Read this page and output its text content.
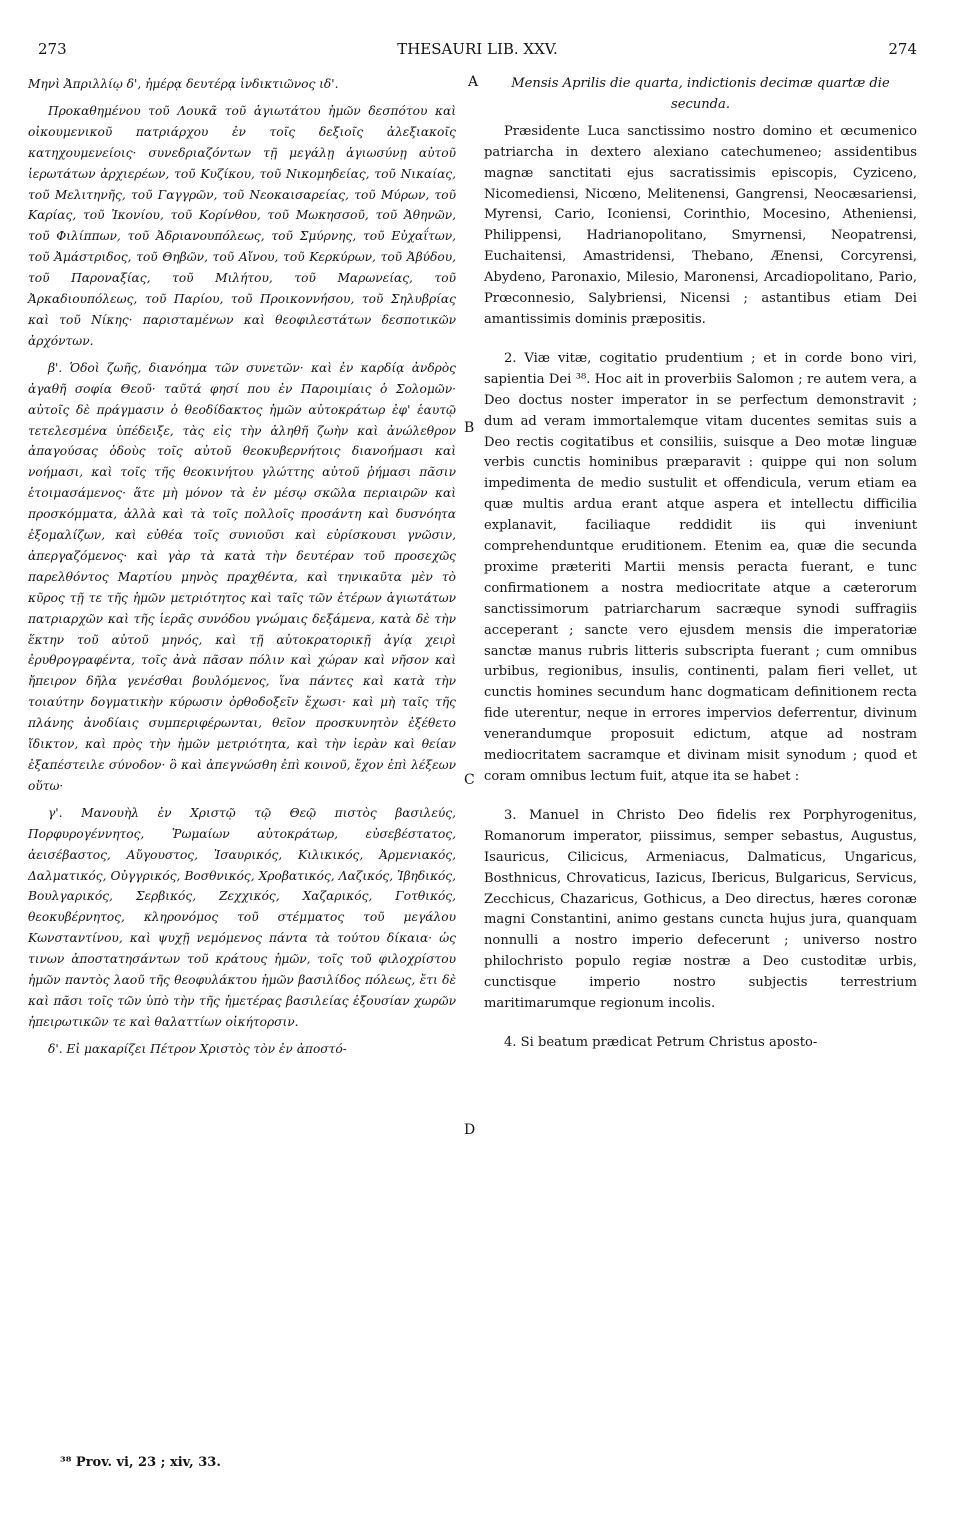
273	THESAURI LIB. XXV.	274
Μηνὶ Ἀπριλλίῳ δ', ἡμέρᾳ δευτέρᾳ ἰνδικτιῶνος ιδ'.
Προκαθημένου τοῦ Λουκᾶ τοῦ ἁγιωτάτου ἡμῶν δεσπότου καὶ οἰκουμενικοῦ πατριάρχου ἐν τοῖς δεξιοῖς ἀλεξιακοῖς κατηχουμενείοις· συνεδριαζόντων τῇ μεγάλῃ ἁγιωσύνῃ αὐτοῦ ἱερωτάτων ἀρχιερέων, τοῦ Κυζίκου, τοῦ Νικομηδείας, τοῦ Νικαίας, τοῦ Μελιτηνῆς, τοῦ Γαγγρῶν, τοῦ Νεοκαισαρείας, τοῦ Μύρων, τοῦ Καρίας, τοῦ Ἰκονίου, τοῦ Κορίνθου, τοῦ Μωκησσοῦ, τοῦ Ἀθηνῶν, τοῦ Φιλίππων, τοῦ Ἀδριανουπόλεως, τοῦ Σμύρνης, τοῦ Εὐχαΐτων, τοῦ Ἀμάστριδος, τοῦ Θηβῶν, τοῦ Αἴνου, τοῦ Κερκύρων, τοῦ Ἀβύδου, τοῦ Παροναξίας, τοῦ Μιλήτου, τοῦ Μαρωνείας, τοῦ Ἀρκαδιουπόλεως, τοῦ Παρίου, τοῦ Προικοννήσου, τοῦ Σηλυβρίας καὶ τοῦ Νίκης· παρισταμένων καὶ θεοφιλεστάτων δεσποτικῶν ἀρχόντων.
β'. Ὁδοὶ ζωῆς, διανόημα τῶν συνετῶν· καὶ ἐν καρδίᾳ ἀνδρὸς ἀγαθῆ σοφία Θεοῦ· ταῦτά φησί που ἐν Παροιμίαις ὁ Σολομῶν· αὐτοῖς δὲ πράγμασιν ὁ θεοδίδακτος ἡμῶν αὐτοκράτωρ ἐφ' ἑαυτῷ τετελεσμένα ὑπέδειξε, τὰς εἰς τὴν ἀληθῆ ζωὴν καὶ ἀνώλεθρον ἀπαγούσας ὁδοὺς τοῖς αὐτοῦ θεοκυβερνήτοις διανοήμασι καὶ νοήμασι, καὶ τοῖς τῆς θεοκινήτου γλώττης αὐτοῦ ῥήμασι πᾶσιν ἑτοιμασάμενος· ἅτε μὴ μόνον τὰ ἐν μέσῳ σκῶλα περιαιρῶν καὶ προσκόμματα, ἀλλὰ καὶ τὰ τοῖς πολλοῖς προσάντη καὶ δυσνόητα ἐξομαλίζων, καὶ εὐθέα τοῖς συνιοῦσι καὶ εὑρίσκουσι γνῶσιν, ἀπεργαζόμενος· καὶ γὰρ τὰ κατὰ τὴν δευτέραν τοῦ προσεχῶς παρελθόντος Μαρτίου μηνὸς πραχθέντα, καὶ τηνικαῦτα μὲν τὸ κῦρος τῇ τε τῆς ἡμῶν μετριότητος καὶ ταῖς τῶν ἑτέρων ἁγιωτάτων πατριαρχῶν καὶ τῆς ἱερᾶς συνόδου γνώμαις δεξάμενα, κατὰ δὲ τὴν ἕκτην τοῦ αὐτοῦ μηνός, καὶ τῇ αὐτοκρατορικῇ ἁγίᾳ χειρὶ ἐρυθρογραφέντα, τοῖς ἀνὰ πᾶσαν πόλιν καὶ χώραν καὶ νῆσον καὶ ἤπειρον δῆλα γενέσθαι βουλόμενος, ἵνα πάντες καὶ κατὰ τὴν τοιαύτην δογματικὴν κύρωσιν ὀρθοδοξεῖν ἔχωσι· καὶ μὴ ταῖς τῆς πλάνης ἀνοδίαις συμπεριφέρωνται, θεῖον προσκυνητὸν ἐξέθετο ἴδικτον, καὶ πρὸς τὴν ἡμῶν μετριότητα, καὶ τὴν ἱερὰν καὶ θείαν ἐξαπέστειλε σύνοδον· ὃ καὶ ἀπεγνώσθη ἐπὶ κοινοῦ, ἔχον ἐπὶ λέξεων οὕτω·
γ'. Μανουὴλ ἐν Χριστῷ τῷ Θεῷ πιστὸς βασιλεύς, Πορφυρογέννητος, Ῥωμαίων αὐτοκράτωρ, εὐσεβέστατος, ἀεισέβαστος, Αὔγουστος, Ἰσαυρικός, Κιλικικός, Ἀρμενιακός, Δαλματικός, Οὐγγρικός, Βοσθνικός, Χροβατικός, Λαζικός, Ἰβηδικός, Βουλγαρικός, Σερβικός, Ζεχχικός, Χαζαρικός, Γοτθικός, θεοκυβέρνητος, κληρονόμος τοῦ στέμματος τοῦ μεγάλου Κωνσταντίνου, καὶ ψυχῇ νεμόμενος πάντα τὰ τούτου δίκαια· ὡς τινων ἀποστατησάντων τοῦ κράτους ἡμῶν, τοῖς τοῦ φιλοχρίστου ἡμῶν παντὸς λαοῦ τῆς θεοφυλάκτου ἡμῶν βασιλίδος πόλεως, ἔτι δὲ καὶ πᾶσι τοῖς τῶν ὑπὸ τὴν τῆς ἡμετέρας βασιλείας ἐξουσίαν χωρῶν ἠπειρωτικῶν τε καὶ θαλαττίων οἰκήτορσιν.
δ'. Εἰ μακαρίζει Πέτρον Χριστὸς τὸν ἐν ἀποστό-
Mensis Aprilis die quarta, indictionis decimæ quartæ die secunda.
Præsidente Luca sanctissimo nostro domino et œcumenico patriarcha in dextero alexiano catechumeneo; assidentibus magnæ sanctitati ejus sacratissimis episcopis, Cyziceno, Nicomediensi, Nicœno, Melitenensi, Gangrensi, Neocæsariensi, Myrensi, Cario, Iconiensi, Corinthio, Mocesino, Atheniensi, Philippensi, Hadrianopolitano, Smyrnensi, Neopatrensi, Euchaitensi, Amastridensi, Thebano, Ænensi, Corcyrensi, Abydeno, Paronaxio, Milesio, Maronensi, Arcadiopolitano, Pario, Prœconnesio, Salybriensi, Nicensi ; astantibus etiam Dei amantissimis dominis præpositis.
2. Viæ vitæ, cogitatio prudentium ; et in corde bono viri, sapientia Dei ³⁸. Hoc ait in proverbiis Salomon ; re autem vera, a Deo doctus noster imperator in se perfectum demonstravit ; dum ad veram immortalemque vitam ducentes semitas suis a Deo rectis cogitatibus et consiliis, suisque a Deo motæ linguæ verbis cunctis hominibus præparavit : quippe qui non solum impedimenta de medio sustulit et offendicula, verum etiam ea quæ multis ardua erant atque aspera et intellectu difficilia explanavit, faciliaque reddidit iis qui inveniunt comprehenduntque eruditionem. Etenim ea, quæ die secunda proxime præteriti Martii mensis peracta fuerant, e tunc confirmationem a nostra mediocritate atque a cæterorum sanctissimorum patriarcharum sacræque synodi suffragiis acceperant ; sancte vero ejusdem mensis die imperatoriæ sanctæ manus rubris litteris subscripta fuerant ; cum omnibus urbibus, regionibus, insulis, continenti, palam fieri vellet, ut cunctis homines secundum hanc dogmaticam definitionem recta fide uterentur, neque in errores impervios deferrentur, divinum venerandumque proposuit edictum, atque ad nostram mediocritatem sacramque et divinam misit synodum ; quod et coram omnibus lectum fuit, atque ita se habet :
3. Manuel in Christo Deo fidelis rex Porphyrogenitus, Romanorum imperator, piissimus, semper sebastus, Augustus, Isauricus, Cilicicus, Armeniacus, Dalmaticus, Ungaricus, Bosthnicus, Chrovaticus, Iazicus, Ibericus, Bulgaricus, Servicus, Zecchicus, Chazaricus, Gothicus, a Deo directus, hæres coronæ magni Constantini, animo gestans cuncta hujus jura, quanquam nonnulli a nostro imperio defecerunt ; universo nostro philochristo populo regiæ nostræ a Deo custoditæ urbis, cunctisque imperio nostro subjectis terrestrium maritimarumque regionum incolis.
4. Si beatum prædicat Petrum Christus aposto-
A
B
C
D
³⁸ Prov. vi, 23 ; xiv, 33.
